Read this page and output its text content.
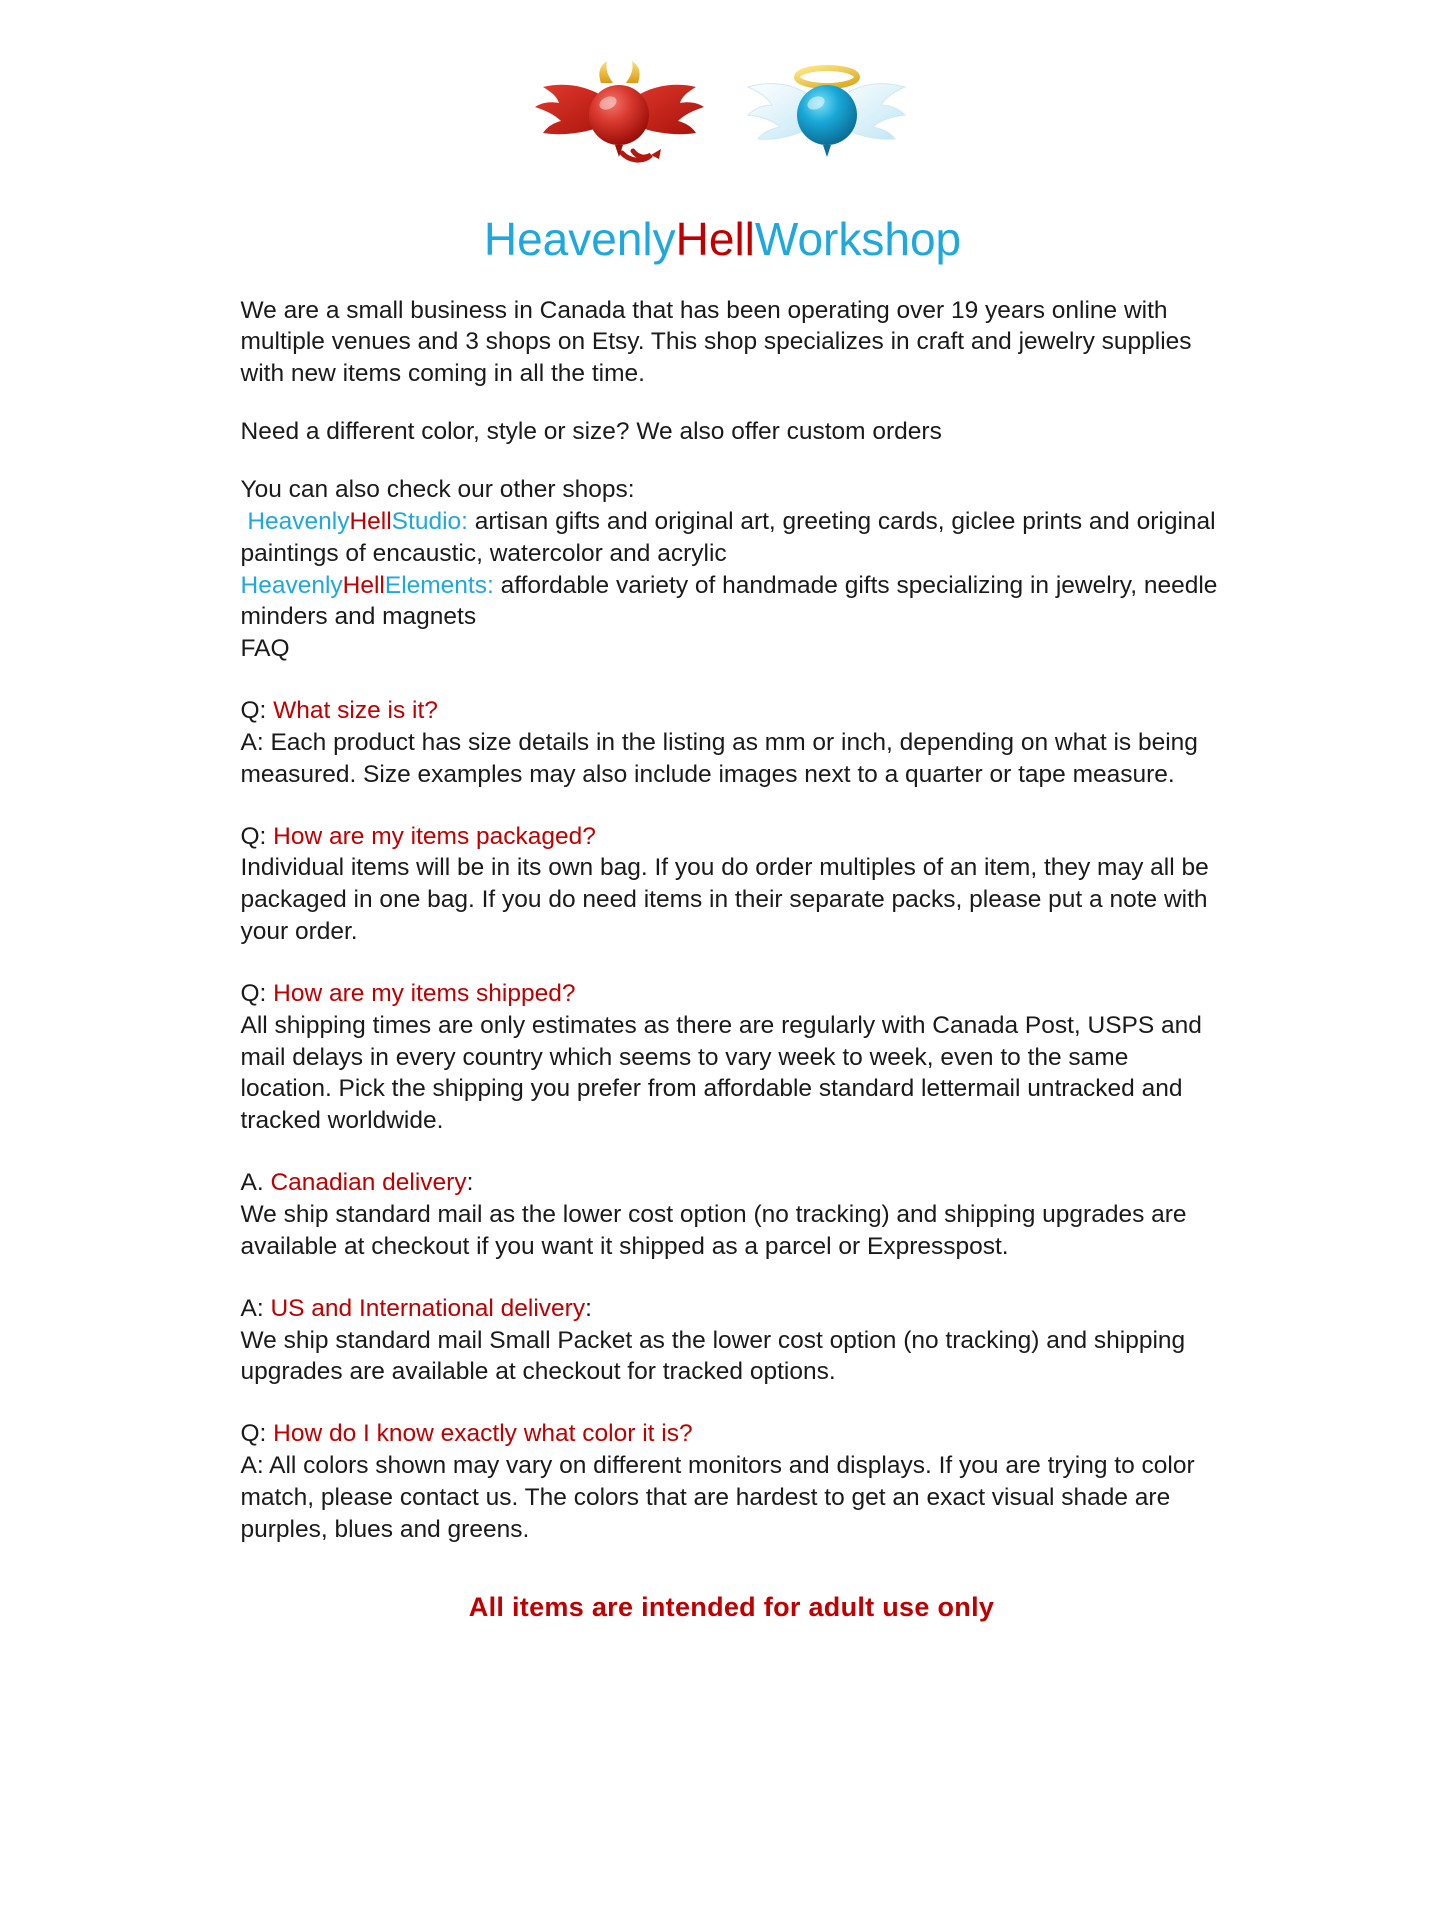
HeavenlyHellWorkshop

We are a small business in Canada that has been operating over 19 years online with multiple venues and 3 shops on Etsy. This shop specializes in craft and jewelry supplies with new items coming in all the time.

Need a different color, style or size? We also offer custom orders

You can also check our other shops:

HeavenlyHellStudio: artisan gifts and original art, greeting cards, giclee prints and original paintings of encaustic, watercolor and acrylic

HeavenlyHellElements: affordable variety of handmade gifts specializing in jewelry, needle minders and magnets

FAQ

Q: What size is it?

A: Each product has size details in the listing as mm or inch, depending on what is being measured. Size examples may also include images next to a quarter or tape measure.

Q: How are my items packaged?

Individual items will be in its own bag. If you do order multiples of an item, they may all be packaged in one bag. If you do need items in their separate packs, please put a note with your order.

Q: How are my items shipped?

All shipping times are only estimates as there are regularly with Canada Post, USPS and mail delays in every country which seems to vary week to week, even to the same location. Pick the shipping you prefer from affordable standard lettermail untracked and tracked worldwide.

A. Canadian delivery:

We ship standard mail as the lower cost option (no tracking) and shipping upgrades are available at checkout if you want it shipped as a parcel or Expresspost.

A: US and International delivery:

We ship standard mail Small Packet as the lower cost option (no tracking) and shipping upgrades are available at checkout for tracked options.

Q: How do I know exactly what color it is?

A: All colors shown may vary on different monitors and displays. If you are trying to color match, please contact us. The colors that are hardest to get an exact visual shade are purples, blues and greens.

All items are intended for adult use only
